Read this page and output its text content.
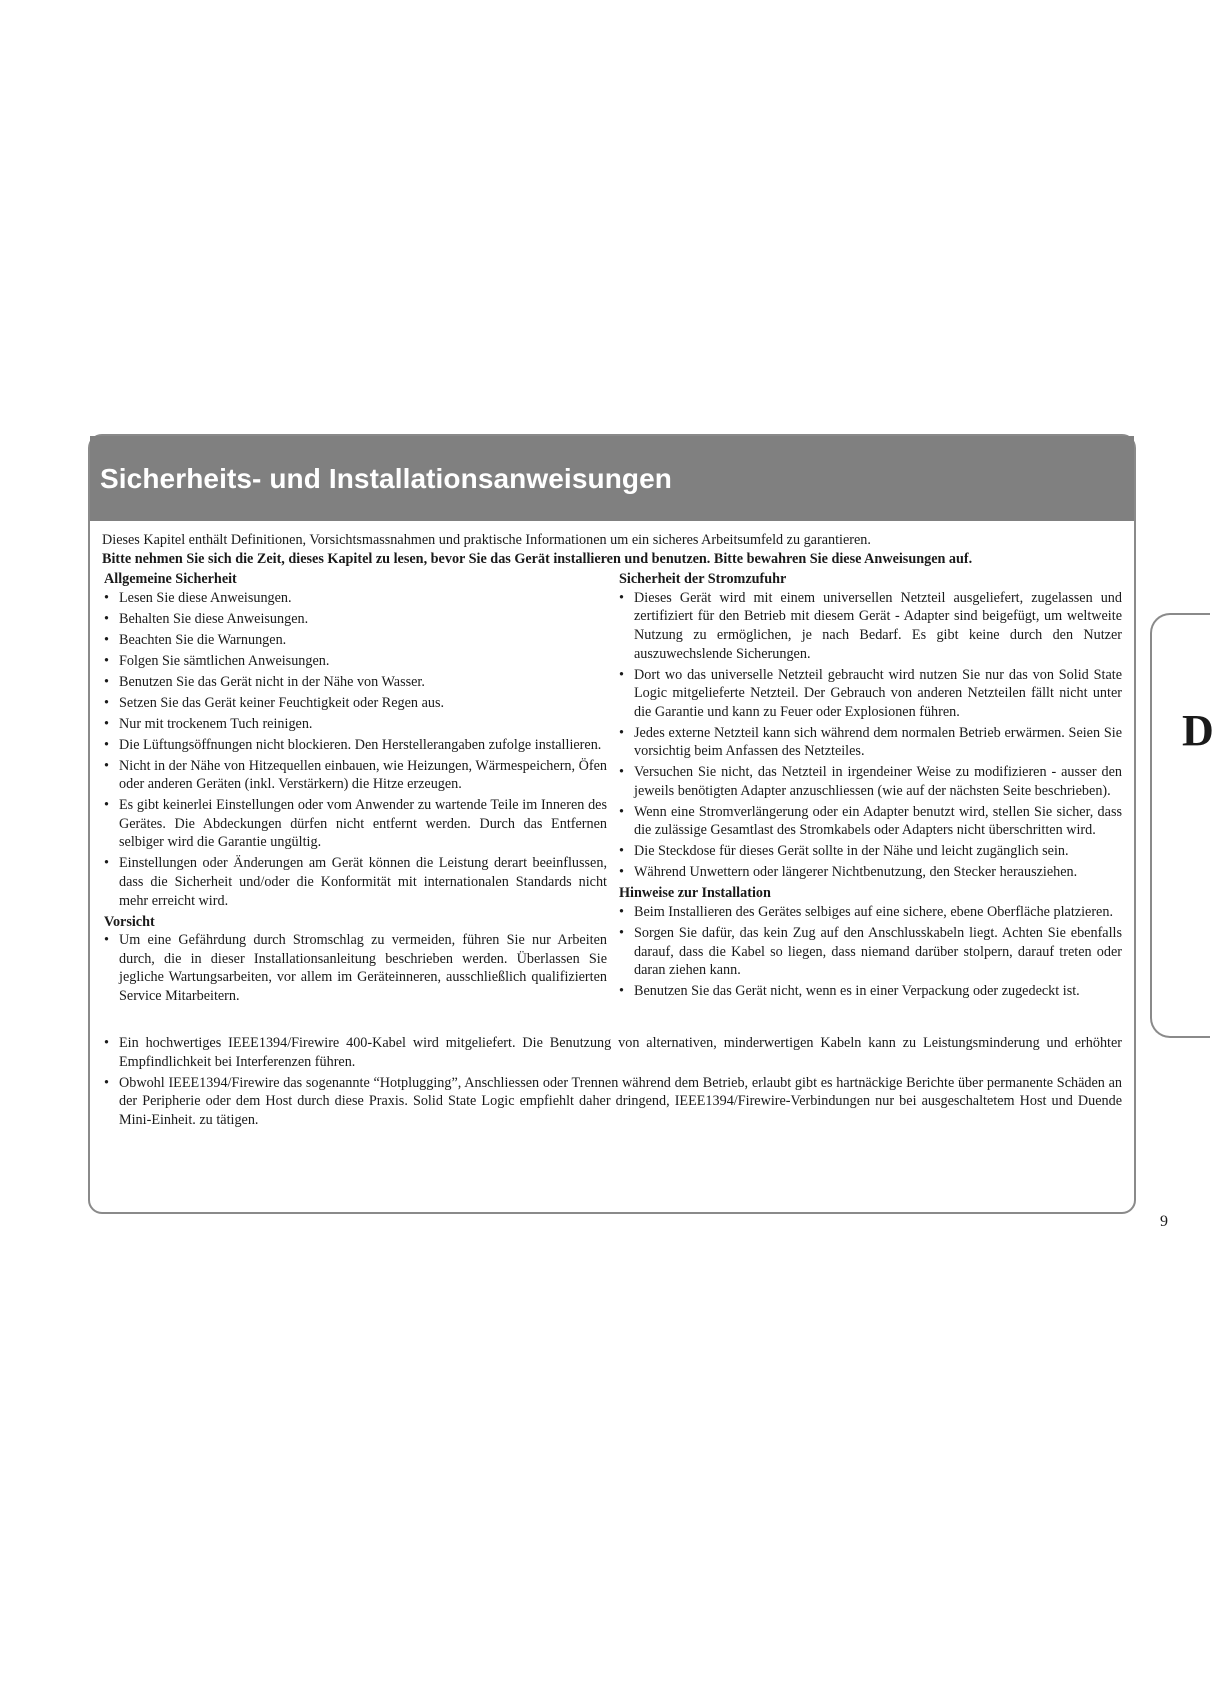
Sicherheits- und Installationsanweisungen

Dieses Kapitel enthält Definitionen, Vorsichtsmassnahmen und praktische Informationen um ein sicheres Arbeitsumfeld zu garantieren.

Bitte nehmen Sie sich die Zeit, dieses Kapitel zu lesen, bevor Sie das Gerät installieren und benutzen. Bitte bewahren Sie diese Anweisungen auf.

Allgemeine Sicherheit
• Lesen Sie diese Anweisungen.
• Behalten Sie diese Anweisungen.
• Beachten Sie die Warnungen.
• Folgen Sie sämtlichen Anweisungen.
• Benutzen Sie das Gerät nicht in der Nähe von Wasser.
• Setzen Sie das Gerät keiner Feuchtigkeit oder Regen aus.
• Nur mit trockenem Tuch reinigen.
• Die Lüftungsöffnungen nicht blockieren. Den Herstellerangaben zufolge installieren.
• Nicht in der Nähe von Hitzequellen einbauen, wie Heizungen, Wärmespeichern, Öfen oder anderen Geräten (inkl. Verstärkern) die Hitze erzeugen.
• Es gibt keinerlei Einstellungen oder vom Anwender zu wartende Teile im Inneren des Gerätes. Die Abdeckungen dürfen nicht entfernt werden. Durch das Entfernen selbiger wird die Garantie ungültig.
• Einstellungen oder Änderungen am Gerät können die Leistung derart beeinflussen, dass die Sicherheit und/oder die Konformität mit internationalen Standards nicht mehr erreicht wird.
Vorsicht
• Um eine Gefährdung durch Stromschlag zu vermeiden, führen Sie nur Arbeiten durch, die in dieser Installationsanleitung beschrieben werden. Überlassen Sie jegliche Wartungsarbeiten, vor allem im Geräteinneren, ausschließlich qualifizierten Service Mitarbeitern.
Sicherheit der Stromzufuhr
• Dieses Gerät wird mit einem universellen Netzteil ausgeliefert, zugelassen und zertifiziert für den Betrieb mit diesem Gerät - Adapter sind beigefügt, um weltweite Nutzung zu ermöglichen, je nach Bedarf. Es gibt keine durch den Nutzer auszuwechslende Sicherungen.
• Dort wo das universelle Netzteil gebraucht wird nutzen Sie nur das von Solid State Logic mitgelieferte Netzteil. Der Gebrauch von anderen Netzteilen fällt nicht unter die Garantie und kann zu Feuer oder Explosionen führen.
• Jedes externe Netzteil kann sich während dem normalen Betrieb erwärmen. Seien Sie vorsichtig beim Anfassen des Netzteiles.
• Versuchen Sie nicht, das Netzteil in irgendeiner Weise zu modifizieren - ausser den jeweils benötigten Adapter anzuschliessen (wie auf der nächsten Seite beschrieben).
• Wenn eine Stromverlängerung oder ein Adapter benutzt wird, stellen Sie sicher, dass die zulässige Gesamtlast des Stromkabels oder Adapters nicht überschritten wird.
• Die Steckdose für dieses Gerät sollte in der Nähe und leicht zugänglich sein.
• Während Unwettern oder längerer Nichtbenutzung, den Stecker herausziehen.
Hinweise zur Installation
• Beim Installieren des Gerätes selbiges auf eine sichere, ebene Oberfläche platzieren.
• Sorgen Sie dafür, das kein Zug auf den Anschlusskabeln liegt. Achten Sie ebenfalls darauf, dass die Kabel so liegen, dass niemand darüber stolpern, darauf treten oder daran ziehen kann.
• Benutzen Sie das Gerät nicht, wenn es in einer Verpackung oder zugedeckt ist.
• Ein hochwertiges IEEE1394/Firewire 400-Kabel wird mitgeliefert. Die Benutzung von alternativen, minderwertigen Kabeln kann zu Leistungsminderung und erhöhter Empfindlichkeit bei Interferenzen führen.
• Obwohl IEEE1394/Firewire das sogenannte “Hotplugging”, Anschliessen oder Trennen während dem Betrieb, erlaubt gibt es hartnäckige Berichte über permanente Schäden an der Peripherie oder dem Host durch diese Praxis. Solid State Logic empfiehlt daher dringend, IEEE1394/Firewire-Verbindungen nur bei ausgeschaltetem Host und Duende Mini-Einheit. zu tätigen.
D
9
